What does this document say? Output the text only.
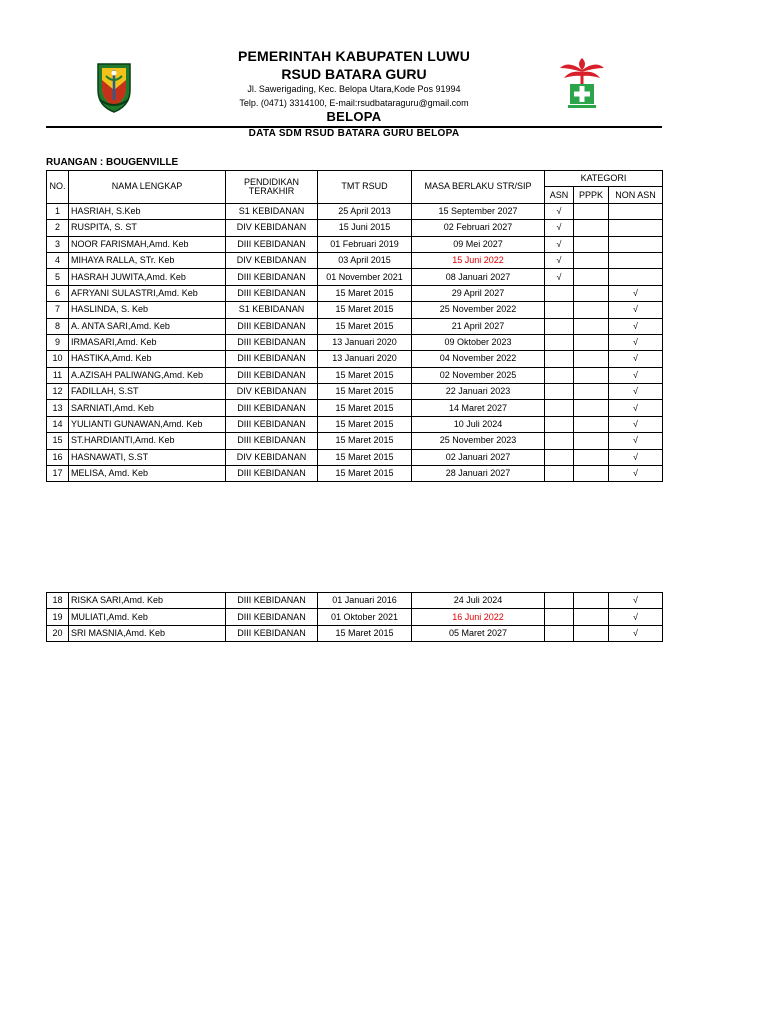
PEMERINTAH KABUPATEN LUWU
RSUD BATARA GURU
Jl. Sawerigading, Kec. Belopa Utara,Kode Pos 91994
Telp. (0471) 3314100, E-mail:rsudbataraguru@gmail.com
BELOPA
DATA SDM RSUD BATARA GURU BELOPA
RUANGAN : BOUGENVILLE
NO.	NAMA LENGKAP	PENDIDIKAN TERAKHIR	TMT RSUD	MASA BERLAKU STR/SIP	KATEGORI		
					ASN	PPPK	NON ASN
1	HASRIAH, S.Keb	S1 KEBIDANAN	25 April 2013	15 September 2027	√		
2	RUSPITA, S. ST	DIV KEBIDANAN	15 Juni 2015	02 Februari 2027	√		
3	NOOR FARISMAH,Amd. Keb	DIII KEBIDANAN	01 Februari 2019	09 Mei 2027	√		
4	MIHAYA RALLA, STr. Keb	DIV KEBIDANAN	03 April 2015	15 Juni 2022	√		
5	HASRAH JUWITA,Amd. Keb	DIII KEBIDANAN	01 November 2021	08 Januari 2027	√		
6	AFRYANI SULASTRI,Amd. Keb	DIII KEBIDANAN	15 Maret 2015	29 April 2027			√
7	HASLINDA, S. Keb	S1 KEBIDANAN	15 Maret 2015	25 November 2022			√
8	A. ANTA SARI,Amd. Keb	DIII KEBIDANAN	15 Maret 2015	21 April 2027			√
9	IRMASARI,Amd. Keb	DIII KEBIDANAN	13 Januari 2020	09 Oktober 2023			√
10	HASTIKA,Amd. Keb	DIII KEBIDANAN	13 Januari 2020	04 November 2022			√
11	A.AZISAH PALIWANG,Amd. Keb	DIII KEBIDANAN	15 Maret 2015	02 November 2025			√
12	FADILLAH, S.ST	DIV KEBIDANAN	15 Maret 2015	22 Januari 2023			√
13	SARNIATI,Amd. Keb	DIII KEBIDANAN	15 Maret 2015	14 Maret 2027			√
14	YULIANTI GUNAWAN,Amd. Keb	DIII KEBIDANAN	15 Maret 2015	10 Juli 2024			√
15	ST.HARDIANTI,Amd. Keb	DIII KEBIDANAN	15 Maret 2015	25 November 2023			√
16	HASNAWATI, S.ST	DIV KEBIDANAN	15 Maret 2015	02 Januari 2027			√
17	MELISA, Amd. Keb	DIII KEBIDANAN	15 Maret 2015	28 Januari 2027			√
18	RISKA SARI,Amd. Keb	DIII KEBIDANAN	01 Januari 2016	24 Juli 2024			√
19	MULIATI,Amd. Keb	DIII KEBIDANAN	01 Oktober 2021	16 Juni 2022			√
20	SRI MASNIA,Amd. Keb	DIII KEBIDANAN	15 Maret 2015	05 Maret 2027			√
